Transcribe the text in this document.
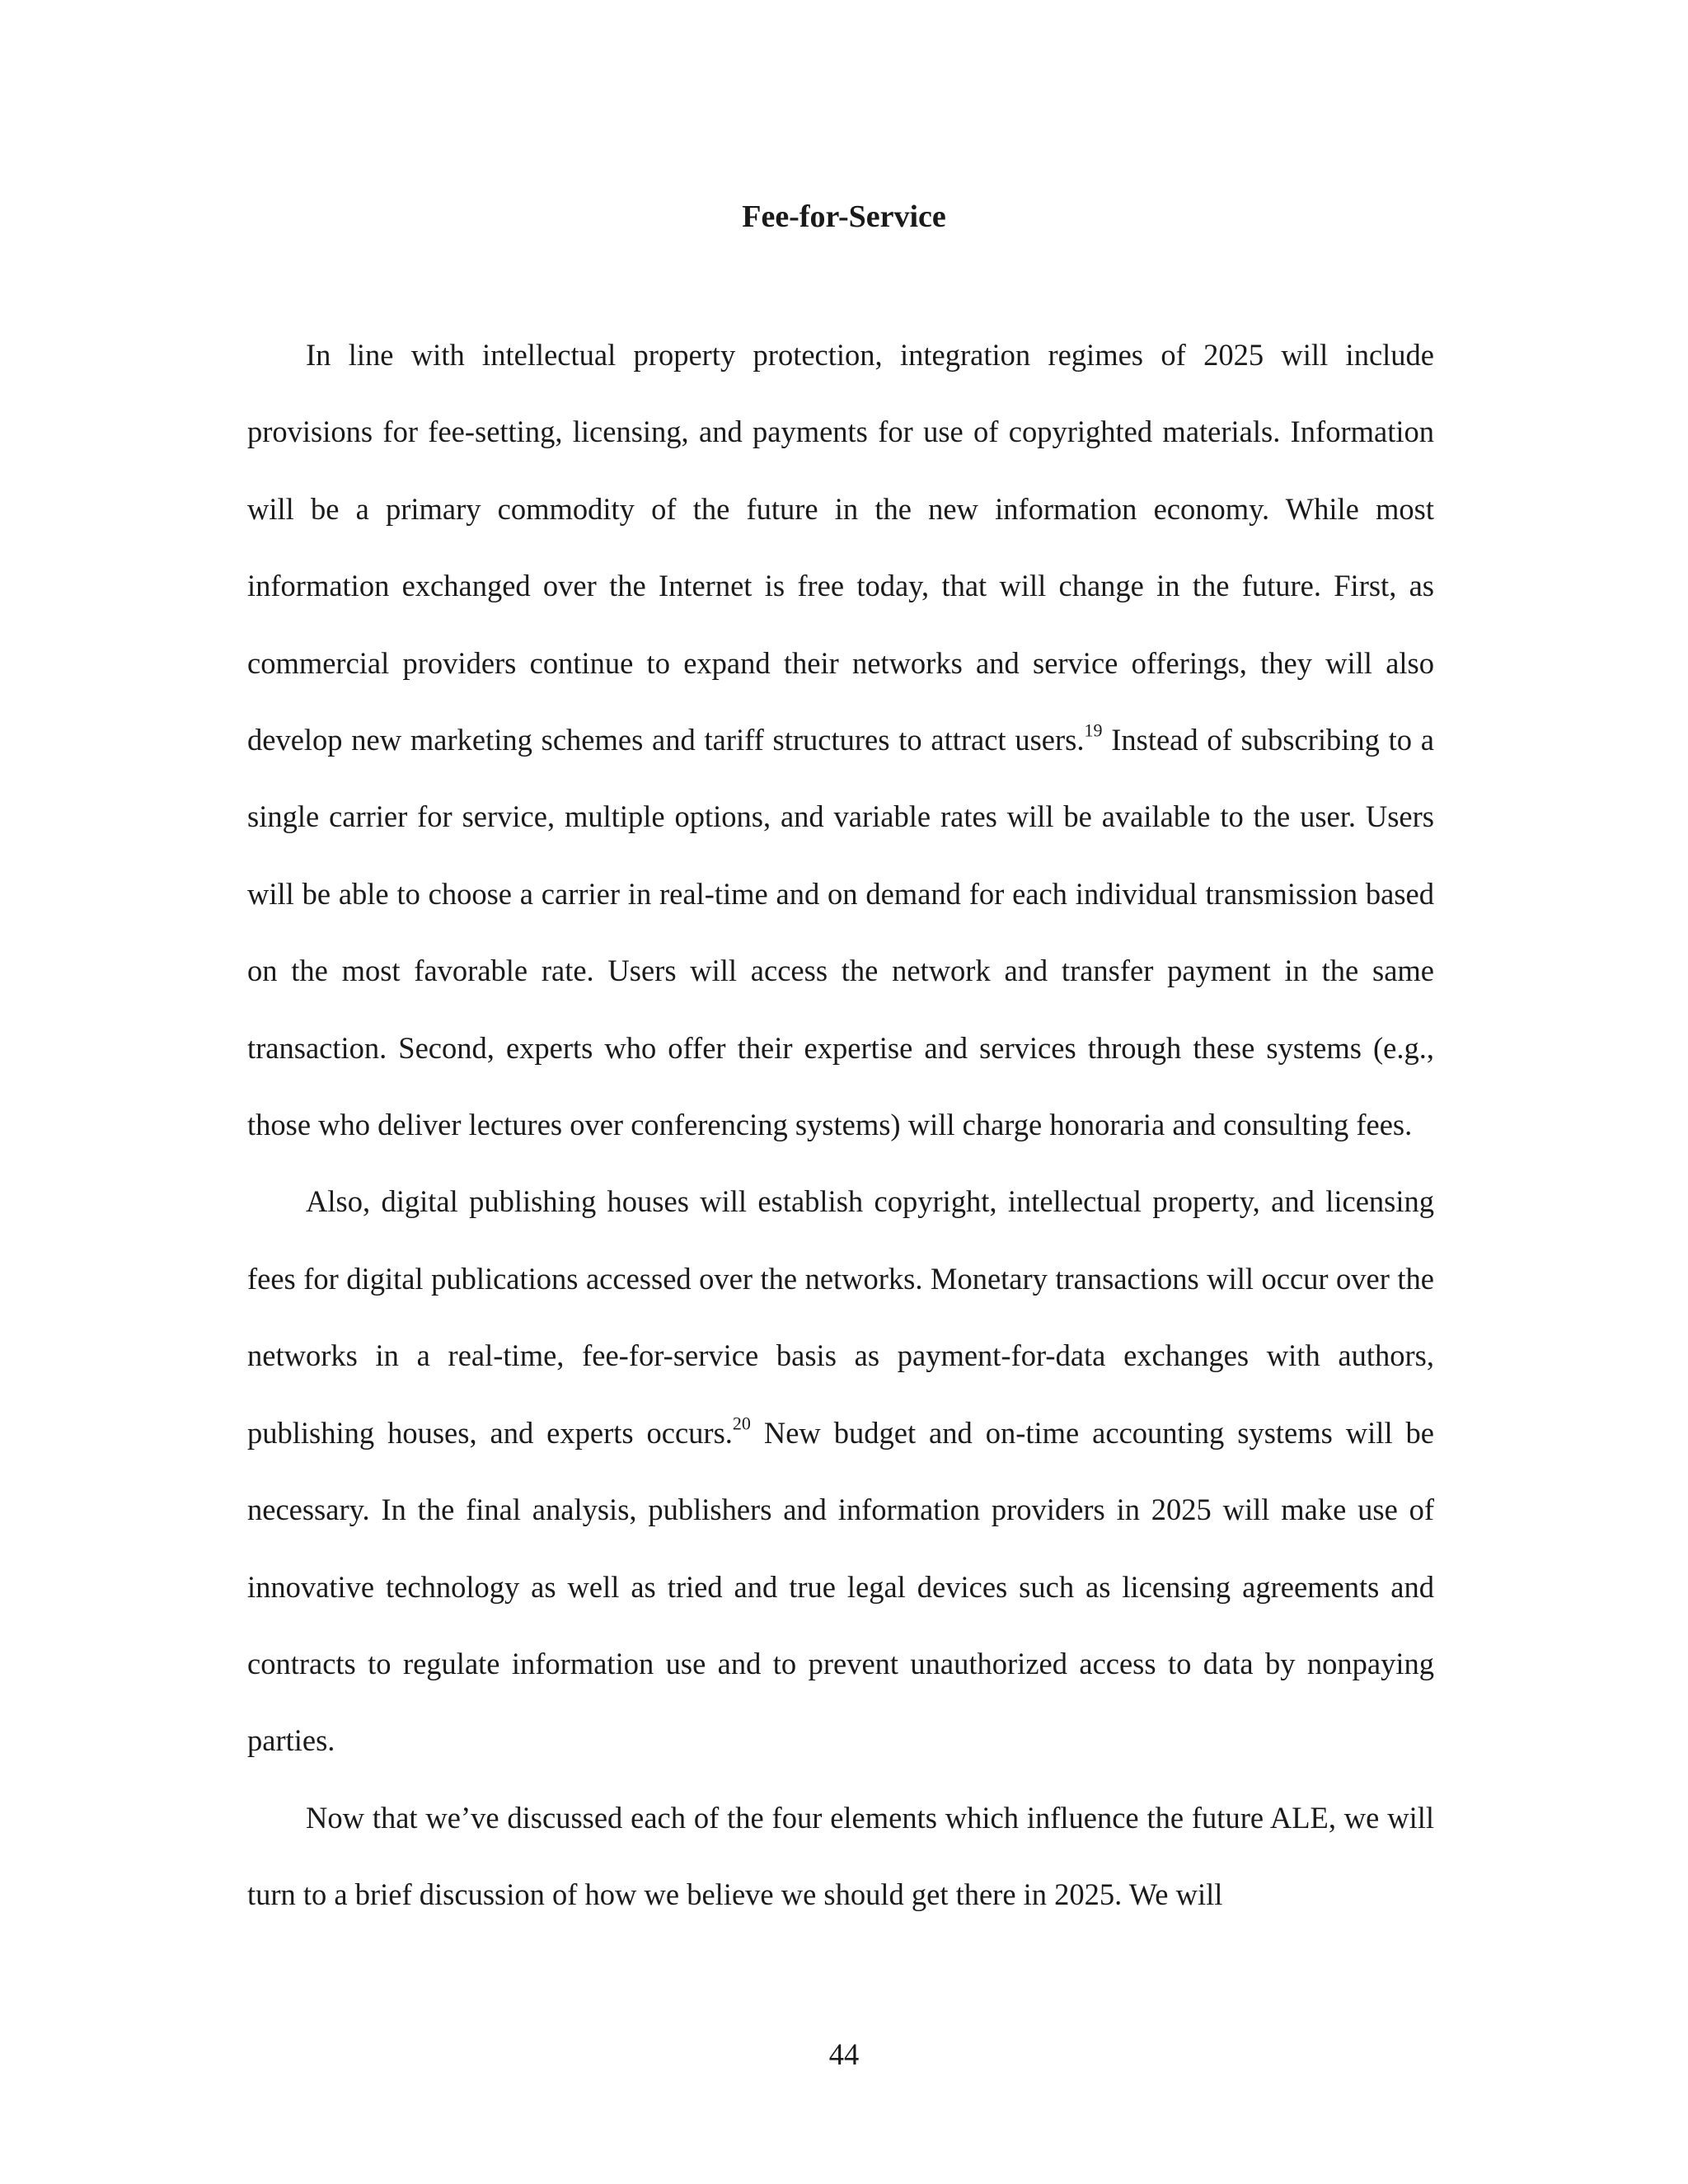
Fee-for-Service

In line with intellectual property protection, integration regimes of 2025 will include provisions for fee-setting, licensing, and payments for use of copyrighted materials. Information will be a primary commodity of the future in the new information economy. While most information exchanged over the Internet is free today, that will change in the future. First, as commercial providers continue to expand their networks and service offerings, they will also develop new marketing schemes and tariff structures to attract users.$^{19}$ Instead of subscribing to a single carrier for service, multiple options, and variable rates will be available to the user. Users will be able to choose a carrier in real-time and on demand for each individual transmission based on the most favorable rate. Users will access the network and transfer payment in the same transaction. Second, experts who offer their expertise and services through these systems (e.g., those who deliver lectures over conferencing systems) will charge honoraria and consulting fees.

Also, digital publishing houses will establish copyright, intellectual property, and licensing fees for digital publications accessed over the networks. Monetary transactions will occur over the networks in a real-time, fee-for-service basis as payment-for-data exchanges with authors, publishing houses, and experts occurs.$^{20}$ New budget and on-time accounting systems will be necessary. In the final analysis, publishers and information providers in 2025 will make use of innovative technology as well as tried and true legal devices such as licensing agreements and contracts to regulate information use and to prevent unauthorized access to data by nonpaying parties.

Now that we’ve discussed each of the four elements which influence the future ALE, we will turn to a brief discussion of how we believe we should get there in 2025. We will

44
